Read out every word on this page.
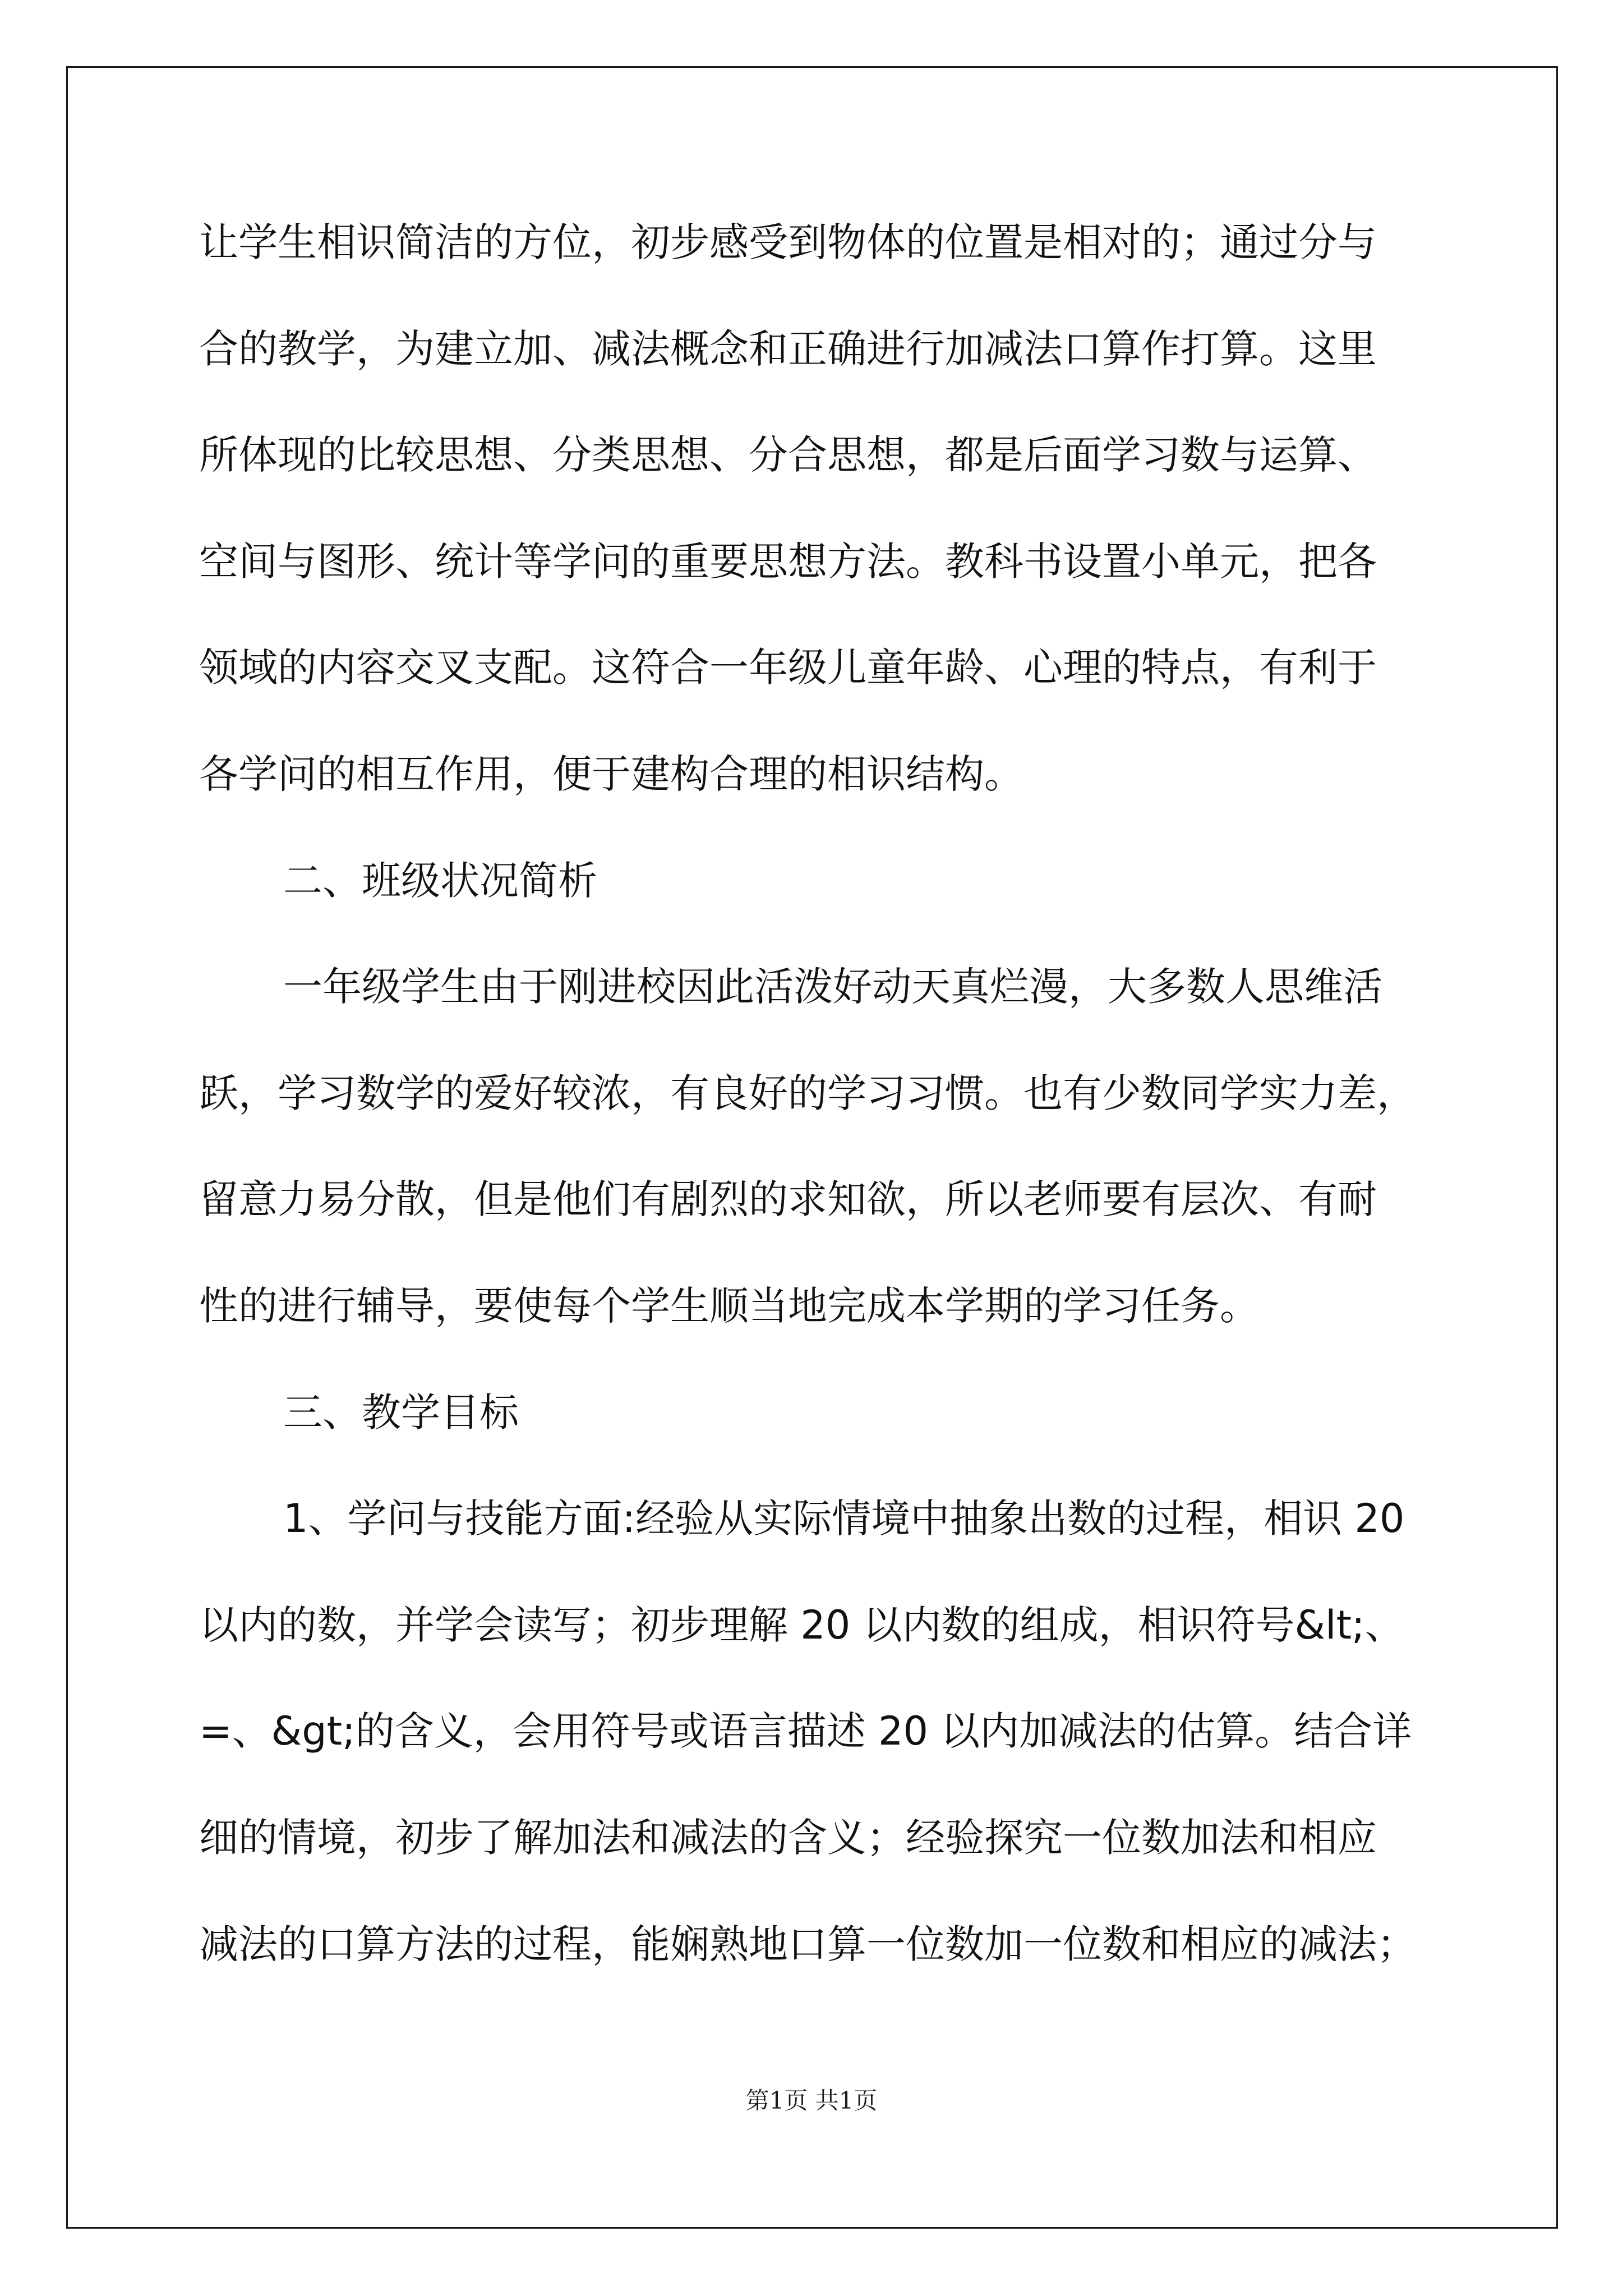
让学生相识简洁的方位，初步感受到物体的位置是相对的；通过分与
合的教学，为建立加、减法概念和正确进行加减法口算作打算。这里
所体现的比较思想、分类思想、分合思想，都是后面学习数与运算、
空间与图形、统计等学问的重要思想方法。教科书设置小单元，把各
领域的内容交叉支配。这符合一年级儿童年龄、心理的特点，有利于
各学问的相互作用，便于建构合理的相识结构。
二、班级状况简析
一年级学生由于刚进校因此活泼好动天真烂漫，大多数人思维活
跃，学习数学的爱好较浓，有良好的学习习惯。也有少数同学实力差，
留意力易分散，但是他们有剧烈的求知欲，所以老师要有层次、有耐
性的进行辅导，要使每个学生顺当地完成本学期的学习任务。
三、教学目标
1、学问与技能方面:经验从实际情境中抽象出数的过程，相识 20
以内的数，并学会读写；初步理解 20 以内数的组成，相识符号&lt;、
=、&gt;的含义，会用符号或语言描述 20 以内加减法的估算。结合详
细的情境，初步了解加法和减法的含义；经验探究一位数加法和相应
减法的口算方法的过程，能娴熟地口算一位数加一位数和相应的减法；
第1页 共1页
